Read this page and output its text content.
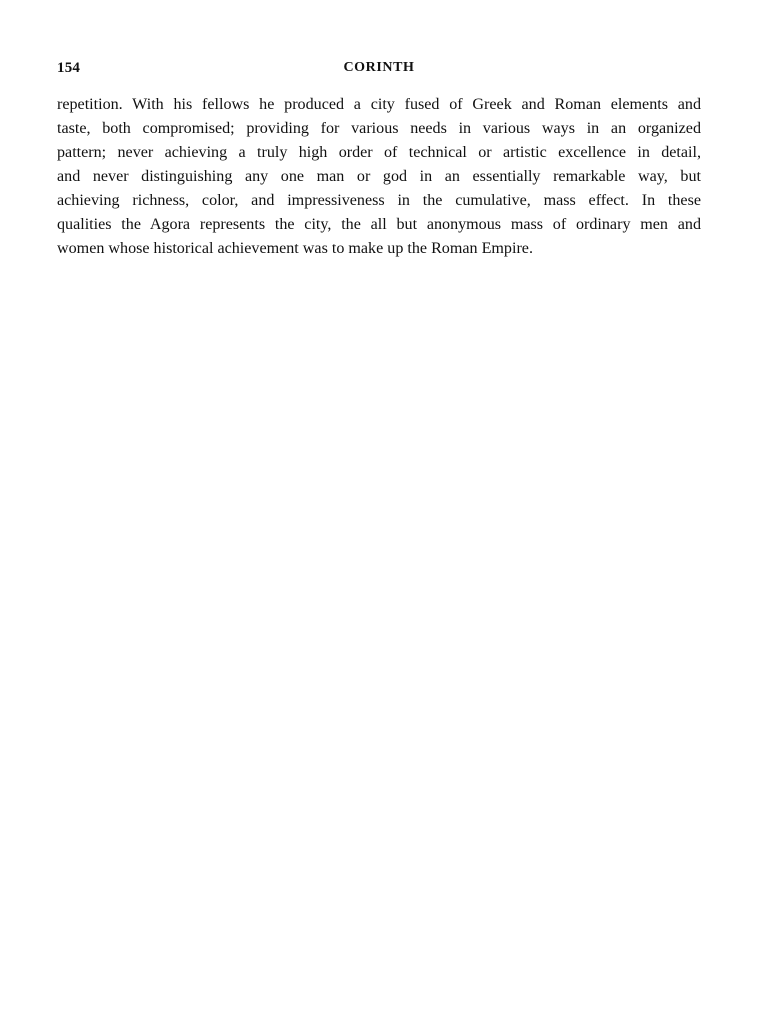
154	CORINTH

repetition. With his fellows he produced a city fused of Greek and Roman elements and
taste, both compromised; providing for various needs in various ways in an organized
pattern; never achieving a truly high order of technical or artistic excellence in detail,
and never distinguishing any one man or god in an essentially remarkable way, but
achieving richness, color, and impressiveness in the cumulative, mass effect. In these
qualities the Agora represents the city, the all but anonymous mass of ordinary men and
women whose historical achievement was to make up the Roman Empire.
